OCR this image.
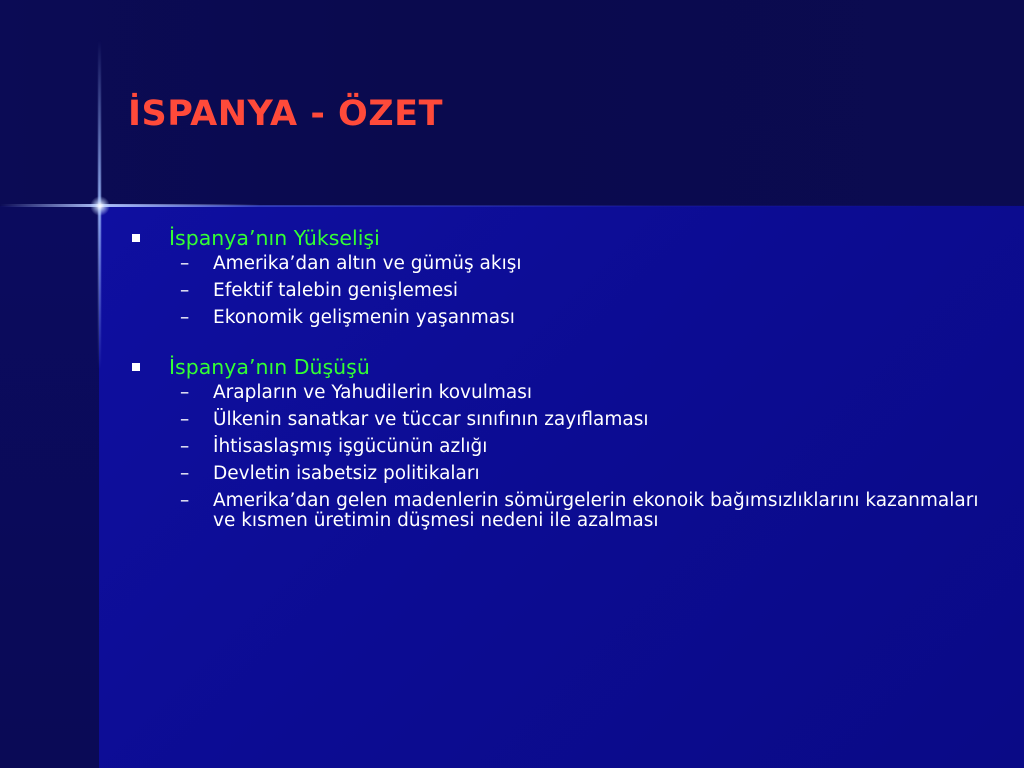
İSPANYA - ÖZET
İspanya’nın Yükselişi
– Amerika’dan altın ve gümüş akışı
– Efektif talebin genişlemesi
– Ekonomik gelişmenin yaşanması
İspanya’nın Düşüşü
– Arapların ve Yahudilerin kovulması
– Ülkenin sanatkar ve tüccar sınıfının zayıflaması
– İhtisaslaşmış işgücünün azlığı
– Devletin isabetsiz politikaları
– Amerika’dan gelen madenlerin sömürgelerin ekonoik bağımsızlıklarını kazanmaları ve kısmen üretimin düşmesi nedeni ile azalması
